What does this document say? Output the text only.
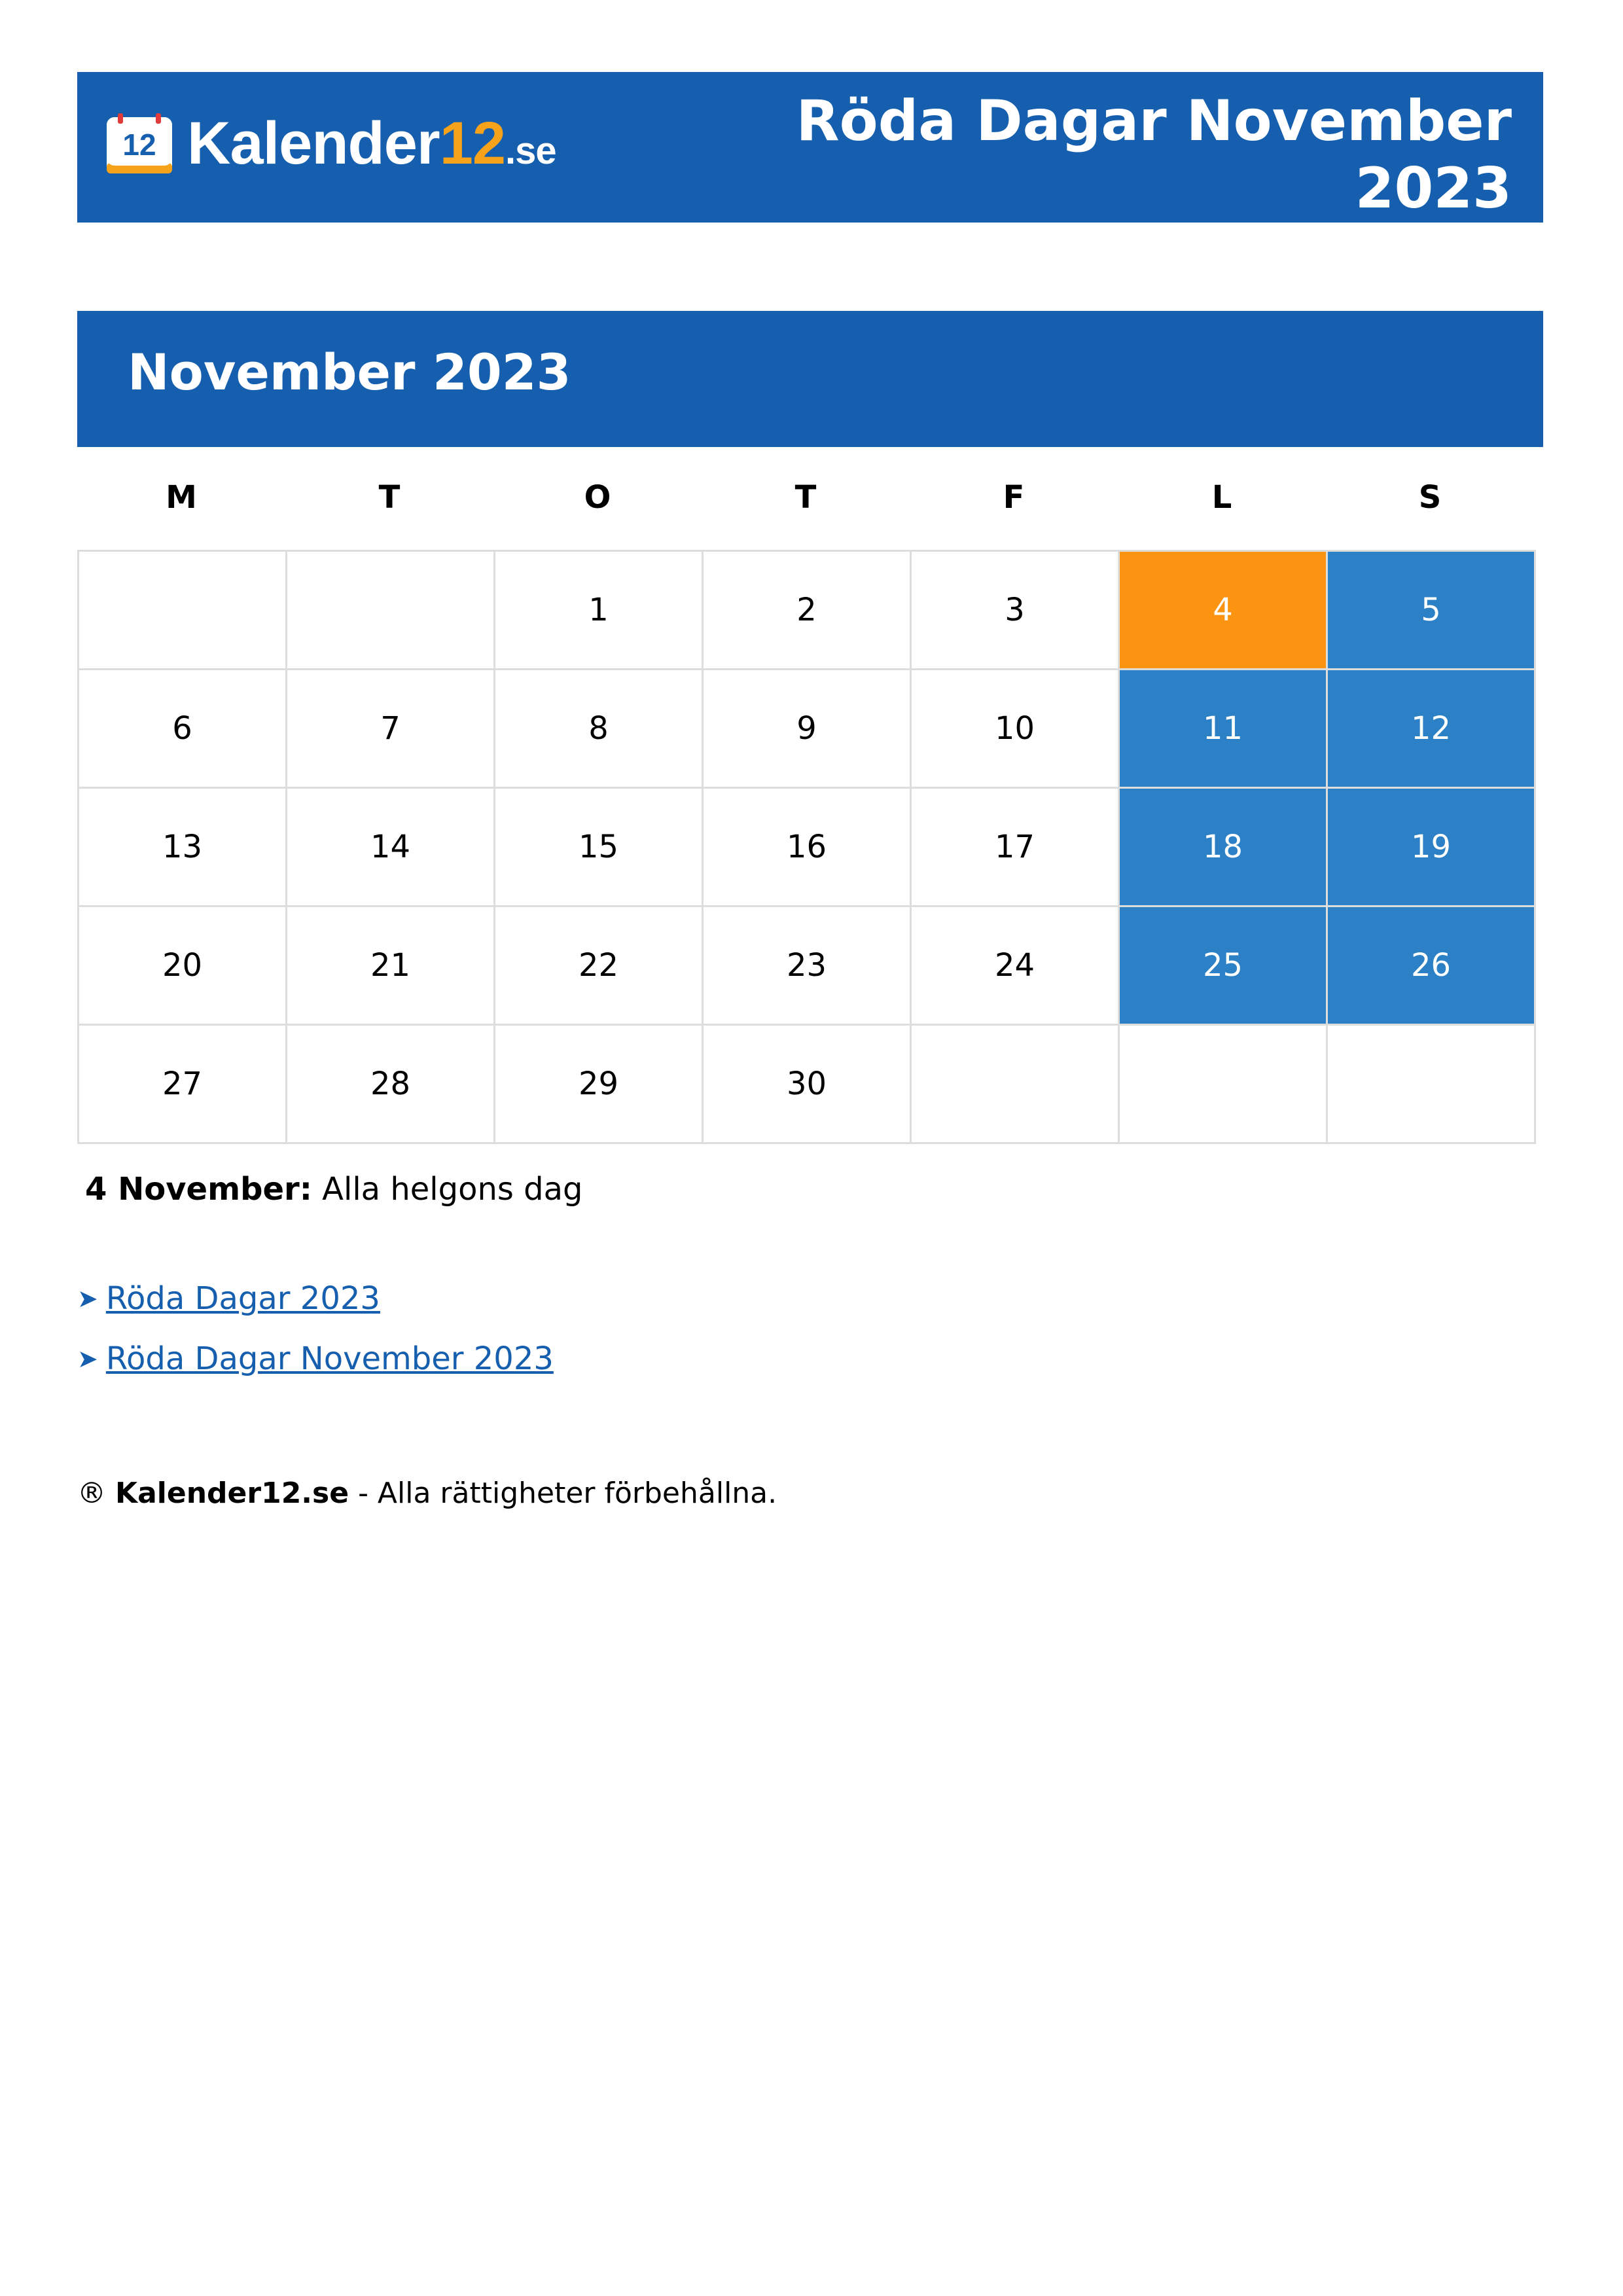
12 Kalender12.se	Röda Dagar November 2023
November 2023
M	T	O	T	F	L	S
		1	2	3	4	5
6	7	8	9	10	11	12
13	14	15	16	17	18	19
20	21	22	23	24	25	26
27	28	29	30			
4 November: Alla helgons dag
➤ Röda Dagar 2023
➤ Röda Dagar November 2023
® Kalender12.se - Alla rättigheter förbehållna.
